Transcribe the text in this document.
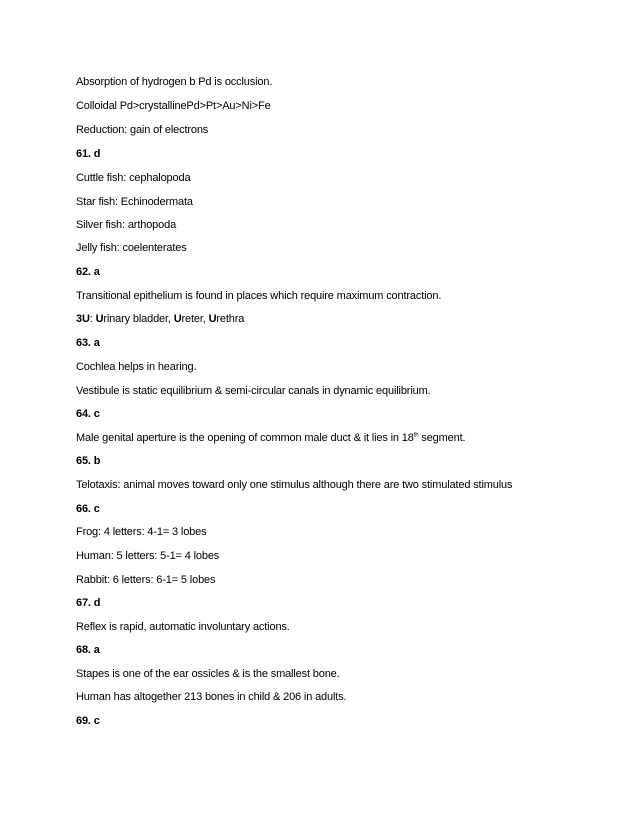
Absorption of hydrogen b Pd is occlusion.
Colloidal Pd>crystallinePd>Pt>Au>Ni>Fe
Reduction: gain of electrons
61. d
Cuttle fish: cephalopoda
Star fish: Echinodermata
Silver fish: arthopoda
Jelly fish: coelenterates
62. a
Transitional epithelium is found in places which require maximum contraction.
3U: Urinary bladder, Ureter, Urethra
63. a
Cochlea helps in hearing.
Vestibule is static equilibrium & semi-circular canals in dynamic equilibrium.
64. c
Male genital aperture is the opening of common male duct & it lies in 18th segment.
65. b
Telotaxis: animal moves toward only one stimulus although there are two stimulated stimulus
66. c
Frog: 4 letters: 4-1= 3 lobes
Human: 5 letters: 5-1= 4 lobes
Rabbit: 6 letters: 6-1= 5 lobes
67. d
Reflex is rapid, automatic involuntary actions.
68. a
Stapes is one of the ear ossicles & is the smallest bone.
Human has altogether 213 bones in child & 206 in adults.
69. c
